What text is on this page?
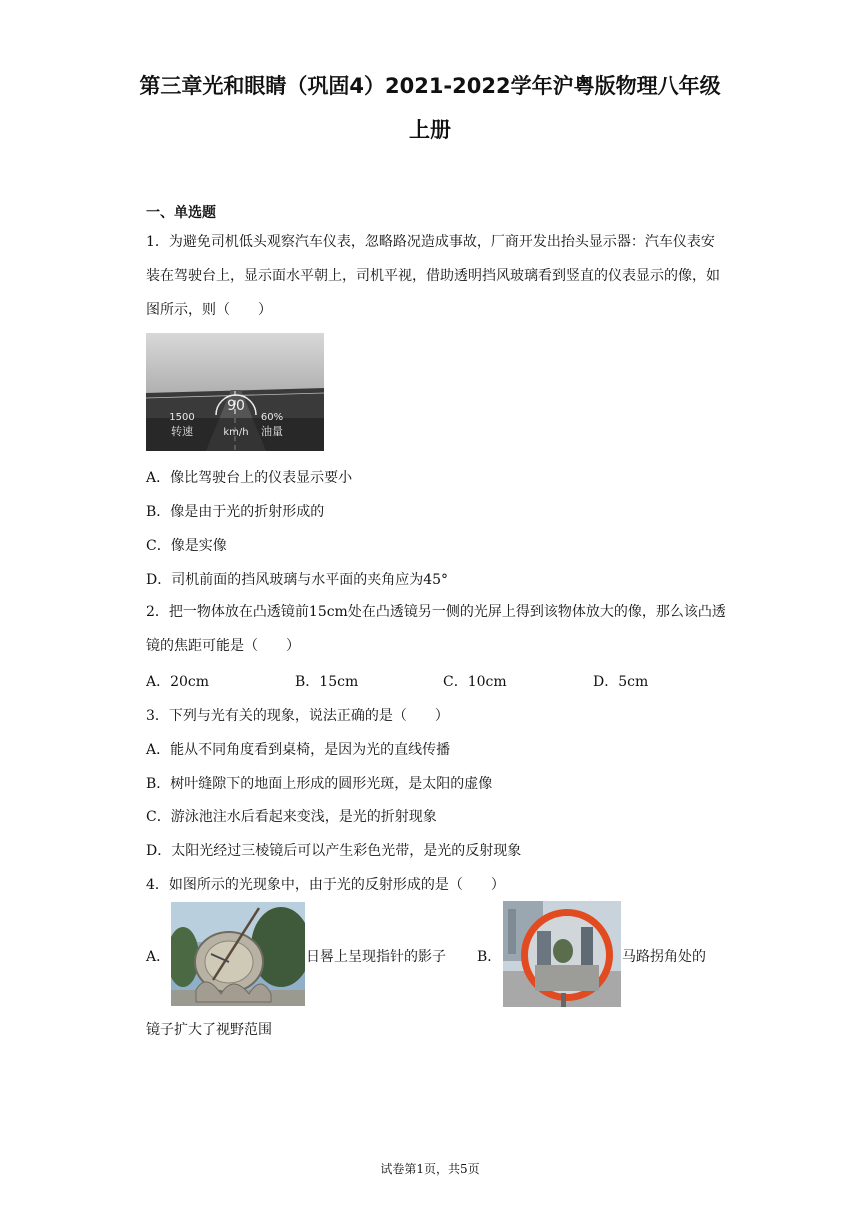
第三章光和眼睛（巩固4）2021-2022学年沪粤版物理八年级
上册
一、单选题
1．为避免司机低头观察汽车仪表，忽略路况造成事故，厂商开发出抬头显示器：汽车仪表安装在驾驶台上，显示面水平朝上，司机平视，借助透明挡风玻璃看到竖直的仪表显示的像，如图所示，则（　　）
90
1500	60%
转速	km/h 油量
A．像比驾驶台上的仪表显示要小
B．像是由于光的折射形成的
C．像是实像
D．司机前面的挡风玻璃与水平面的夹角应为45°
2．把一物体放在凸透镜前15cm处在凸透镜另一侧的光屏上得到该物体放大的像，那么该凸透镜的焦距可能是（　　）
A．20cm	B．15cm	C．10cm	D．5cm
3．下列与光有关的现象，说法正确的是（　　）
A．能从不同角度看到桌椅，是因为光的直线传播
B．树叶缝隙下的地面上形成的圆形光斑，是太阳的虚像
C．游泳池注水后看起来变浅，是光的折射现象
D．太阳光经过三棱镜后可以产生彩色光带，是光的反射现象
4．如图所示的光现象中，由于光的反射形成的是（　　）
A．	日晷上呈现指针的影子 B．	马路拐角处的
镜子扩大了视野范围
试卷第1页，共5页
